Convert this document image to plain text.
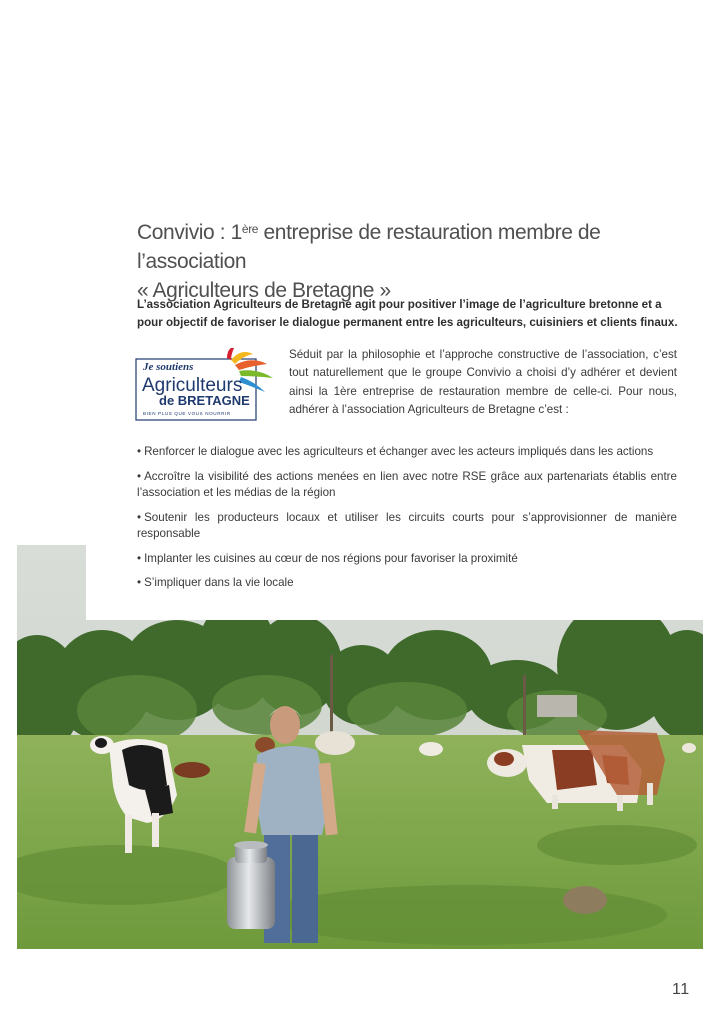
Convivio : 1ère entreprise de restauration membre de l’association
« Agriculteurs de Bretagne »

L’association Agriculteurs de Bretagne agit pour positiver l’image de l’agriculture bretonne et a pour objectif de favoriser le dialogue permanent entre les agriculteurs, cuisiniers et clients finaux.

Je soutiens
Agriculteurs
de BRETAGNE
BIEN PLUS QUE VOUS NOURRIR

Séduit par la philosophie et l’approche constructive de l’association, c’est tout naturellement que le groupe Convivio a choisi d’y adhérer et devient ainsi la 1ère entreprise de restauration membre de celle-ci. Pour nous, adhérer à l’association Agriculteurs de Bretagne c’est :

• Renforcer le dialogue avec les agriculteurs et échanger avec les acteurs impliqués dans les actions
• Accroître la visibilité des actions menées en lien avec notre RSE grâce aux partenariats établis entre l’association et les médias de la région
• Soutenir les producteurs locaux et utiliser les circuits courts pour s’approvisionner de manière responsable
• Implanter les cuisines au cœur de nos régions pour favoriser la proximité
• S’impliquer dans la vie locale
11
